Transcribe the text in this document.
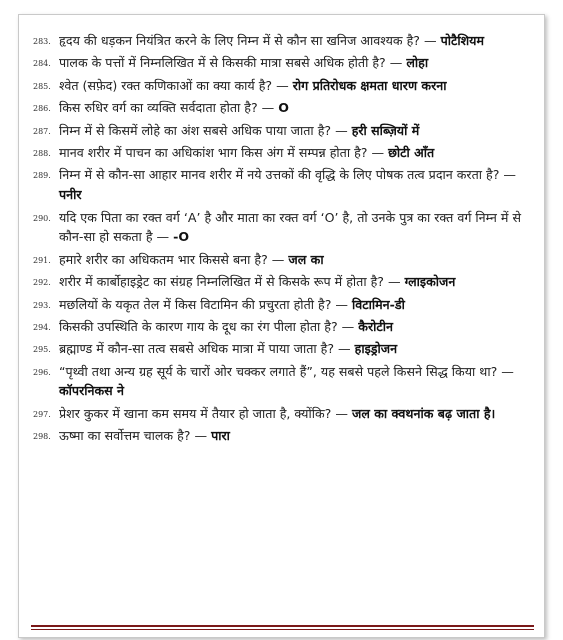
283. हृदय की धड़कन नियंत्रित करने के लिए निम्न में से कौन सा खनिज आवश्यक है? — पोटैशियम
284. पालक के पत्तों में निम्नलिखित में से किसकी मात्रा सबसे अधिक होती है? — लोहा
285. श्वेत (सफ़ेद) रक्त कणिकाओं का क्या कार्य है? — रोग प्रतिरोधक क्षमता धारण करना
286. किस रुधिर वर्ग का व्यक्ति सर्वदाता होता है? — O
287. निम्न में से किसमें लोहे का अंश सबसे अधिक पाया जाता है? — हरी सब्ज़ियों में
288. मानव शरीर में पाचन का अधिकांश भाग किस अंग में सम्पन्न होता है? — छोटी आँत
289. निम्न में से कौन-सा आहार मानव शरीर में नये उत्तकों की वृद्धि के लिए पोषक तत्व प्रदान करता है? — पनीर
290. यदि एक पिता का रक्त वर्ग ‘A’ है और माता का रक्त वर्ग ‘O’ है, तो उनके पुत्र का रक्त वर्ग निम्न में से कौन-सा हो सकता है — -O
291. हमारे शरीर का अधिकतम भार किससे बना है? — जल का
292. शरीर में कार्बोहाइड्रेट का संग्रह निम्नलिखित में से किसके रूप में होता है? — ग्लाइकोजन
293. मछलियों के यकृत तेल में किस विटामिन की प्रचुरता होती है? — विटामिन-डी
294. किसकी उपस्थिति के कारण गाय के दूध का रंग पीला होता है? — कैरोटीन
295. ब्रह्माण्ड में कौन-सा तत्व सबसे अधिक मात्रा में पाया जाता है? — हाइड्रोजन
296. “पृथ्वी तथा अन्य ग्रह सूर्य के चारों ओर चक्कर लगाते हैं”, यह सबसे पहले किसने सिद्ध किया था? — कॉपरनिकस ने
297. प्रेशर कुकर में खाना कम समय में तैयार हो जाता है, क्योंकि? — जल का क्वथनांक बढ़ जाता है।
298. ऊष्मा का सर्वोत्तम चालक है? — पारा
